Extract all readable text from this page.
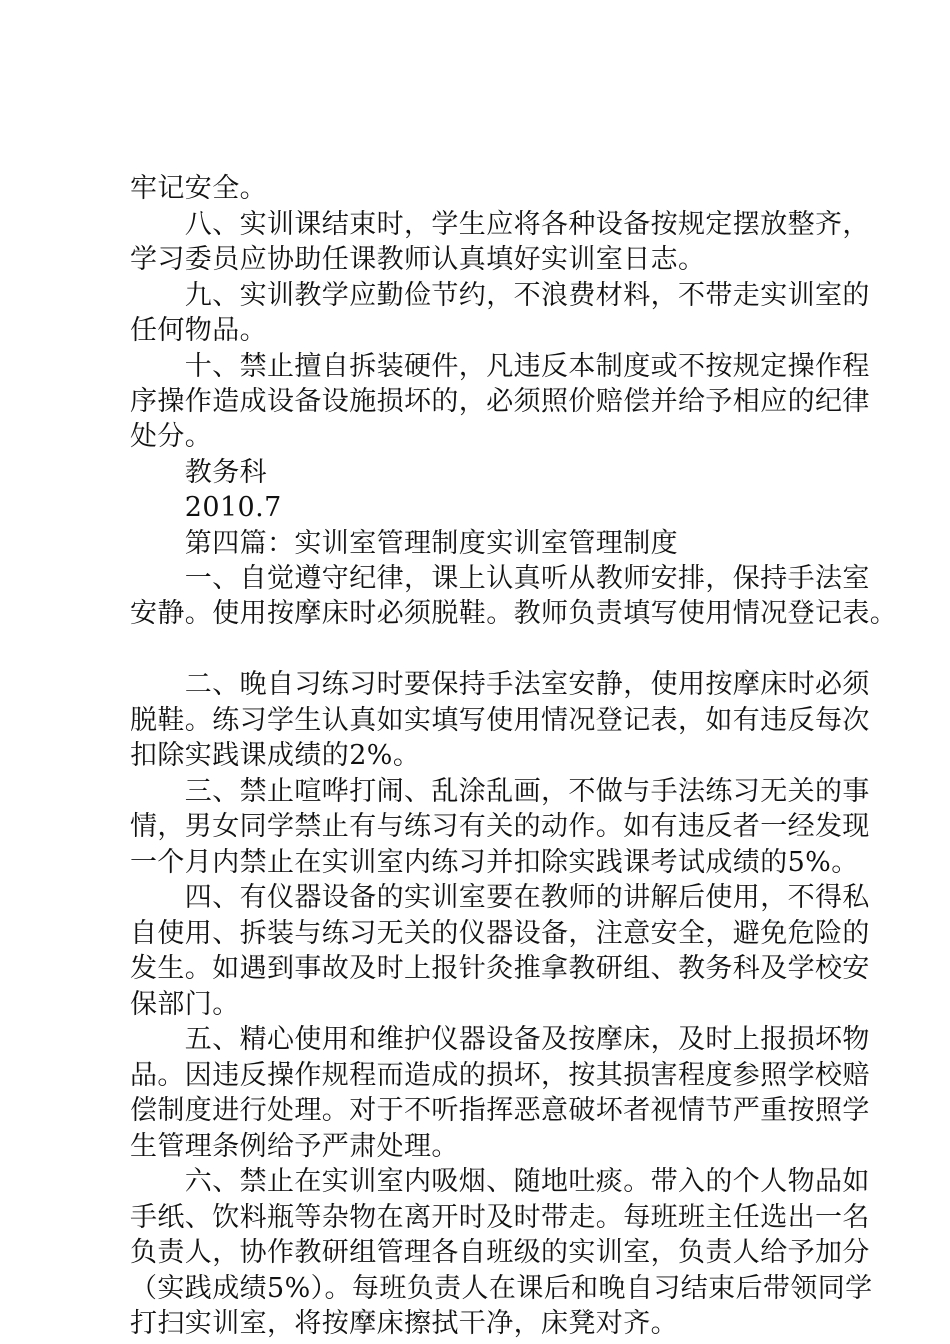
牢记安全。
　　八、实训课结束时，学生应将各种设备按规定摆放整齐，
学习委员应协助任课教师认真填好实训室日志。
　　九、实训教学应勤俭节约，不浪费材料，不带走实训室的
任何物品。
　　十、禁止擅自拆装硬件，凡违反本制度或不按规定操作程
序操作造成设备设施损坏的，必须照价赔偿并给予相应的纪律
处分。
　　教务科
　　2010.7
　　第四篇：实训室管理制度实训室管理制度
　　一、自觉遵守纪律，课上认真听从教师安排，保持手法室
安静。使用按摩床时必须脱鞋。教师负责填写使用情况登记表。
　　二、晚自习练习时要保持手法室安静，使用按摩床时必须
脱鞋。练习学生认真如实填写使用情况登记表，如有违反每次
扣除实践课成绩的2%。
　　三、禁止喧哗打闹、乱涂乱画，不做与手法练习无关的事
情，男女同学禁止有与练习有关的动作。如有违反者一经发现
一个月内禁止在实训室内练习并扣除实践课考试成绩的5%。
　　四、有仪器设备的实训室要在教师的讲解后使用，不得私
自使用、拆装与练习无关的仪器设备，注意安全，避免危险的
发生。如遇到事故及时上报针灸推拿教研组、教务科及学校安
保部门。
　　五、精心使用和维护仪器设备及按摩床，及时上报损坏物
品。因违反操作规程而造成的损坏，按其损害程度参照学校赔
偿制度进行处理。对于不听指挥恶意破坏者视情节严重按照学
生管理条例给予严肃处理。
　　六、禁止在实训室内吸烟、随地吐痰。带入的个人物品如
手纸、饮料瓶等杂物在离开时及时带走。每班班主任选出一名
负责人，协作教研组管理各自班级的实训室，负责人给予加分
（实践成绩5%）。每班负责人在课后和晚自习结束后带领同学
打扫实训室，将按摩床擦拭干净，床凳对齐。
